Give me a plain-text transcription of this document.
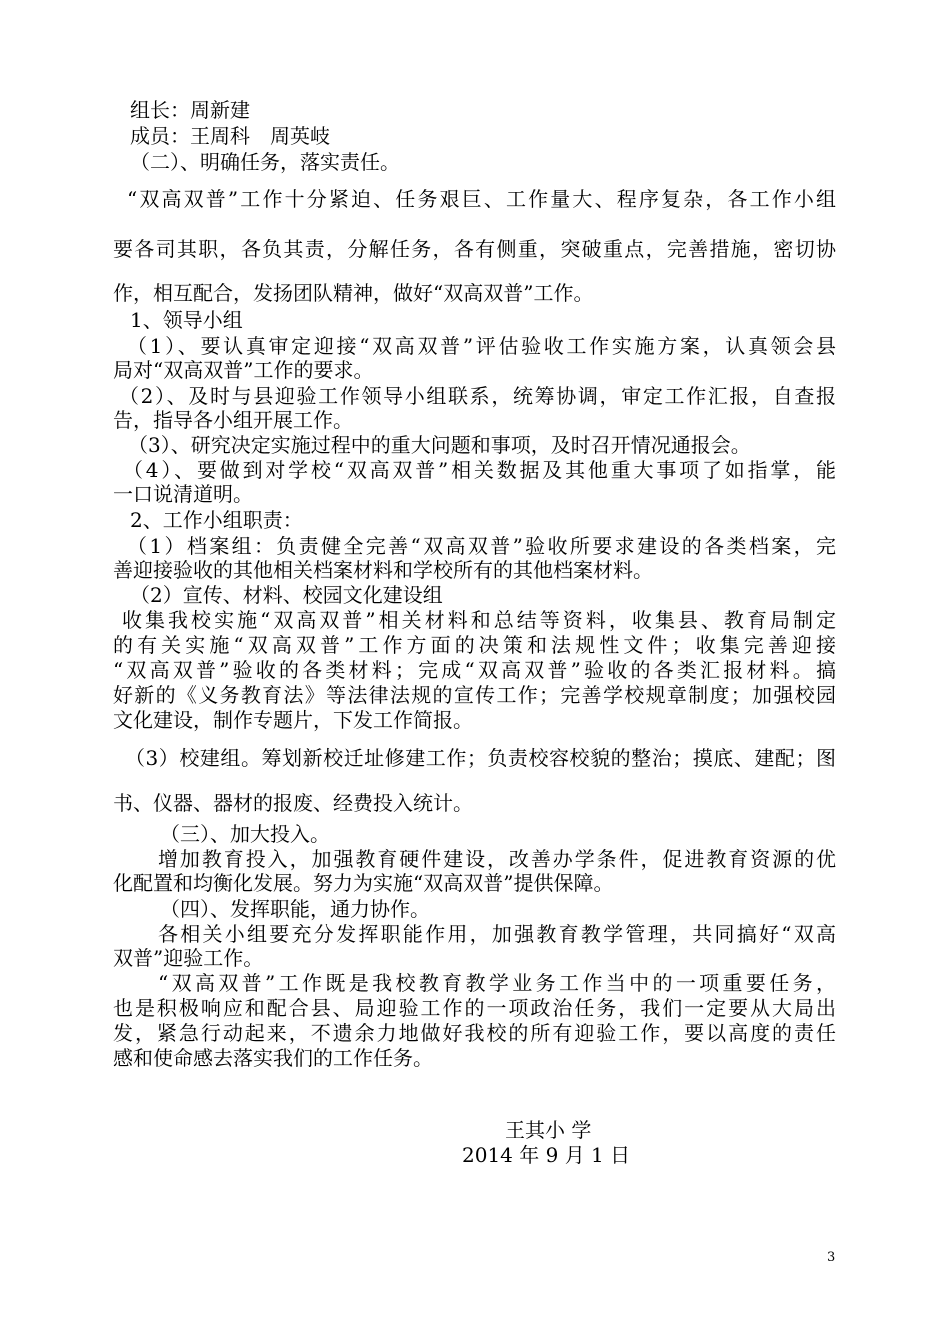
组长：周新建
成员：王周科　周英岐
（二）、明确任务，落实责任。
“双高双普”工作十分紧迫、任务艰巨、工作量大、程序复杂，各工作小组
要各司其职，各负其责，分解任务，各有侧重，突破重点，完善措施，密切协
作，相互配合，发扬团队精神，做好“双高双普”工作。
1、领导小组
（1）、要认真审定迎接“双高双普”评估验收工作实施方案，认真领会县
局对“双高双普”工作的要求。
（2）、及时与县迎验工作领导小组联系，统筹协调，审定工作汇报，自查报
告，指导各小组开展工作。
（3）、研究决定实施过程中的重大问题和事项，及时召开情况通报会。
（4）、要做到对学校“双高双普”相关数据及其他重大事项了如指掌，能
一口说清道明。
2、工作小组职责：
（1）档案组：负责健全完善“双高双普”验收所要求建设的各类档案，完
善迎接验收的其他相关档案材料和学校所有的其他档案材料。
（2）宣传、材料、校园文化建设组
收集我校实施“双高双普”相关材料和总结等资料，收集县、教育局制定
的有关实施“双高双普”工作方面的决策和法规性文件；收集完善迎接
“双高双普”验收的各类材料；完成“双高双普”验收的各类汇报材料。搞
好新的《义务教育法》等法律法规的宣传工作；完善学校规章制度；加强校园
文化建设，制作专题片，下发工作简报。
（3）校建组。筹划新校迁址修建工作；负责校容校貌的整治；摸底、建配；图
书、仪器、器材的报废、经费投入统计。
（三）、加大投入。
增加教育投入，加强教育硬件建设，改善办学条件，促进教育资源的优
化配置和均衡化发展。努力为实施“双高双普”提供保障。
（四）、发挥职能，通力协作。
各相关小组要充分发挥职能作用，加强教育教学管理，共同搞好“双高
双普”迎验工作。
“双高双普”工作既是我校教育教学业务工作当中的一项重要任务，
也是积极响应和配合县、局迎验工作的一项政治任务，我们一定要从大局出
发，紧急行动起来，不遗余力地做好我校的所有迎验工作，要以高度的责任
感和使命感去落实我们的工作任务。
王其小 学
2014 年 9 月 1 日
3
